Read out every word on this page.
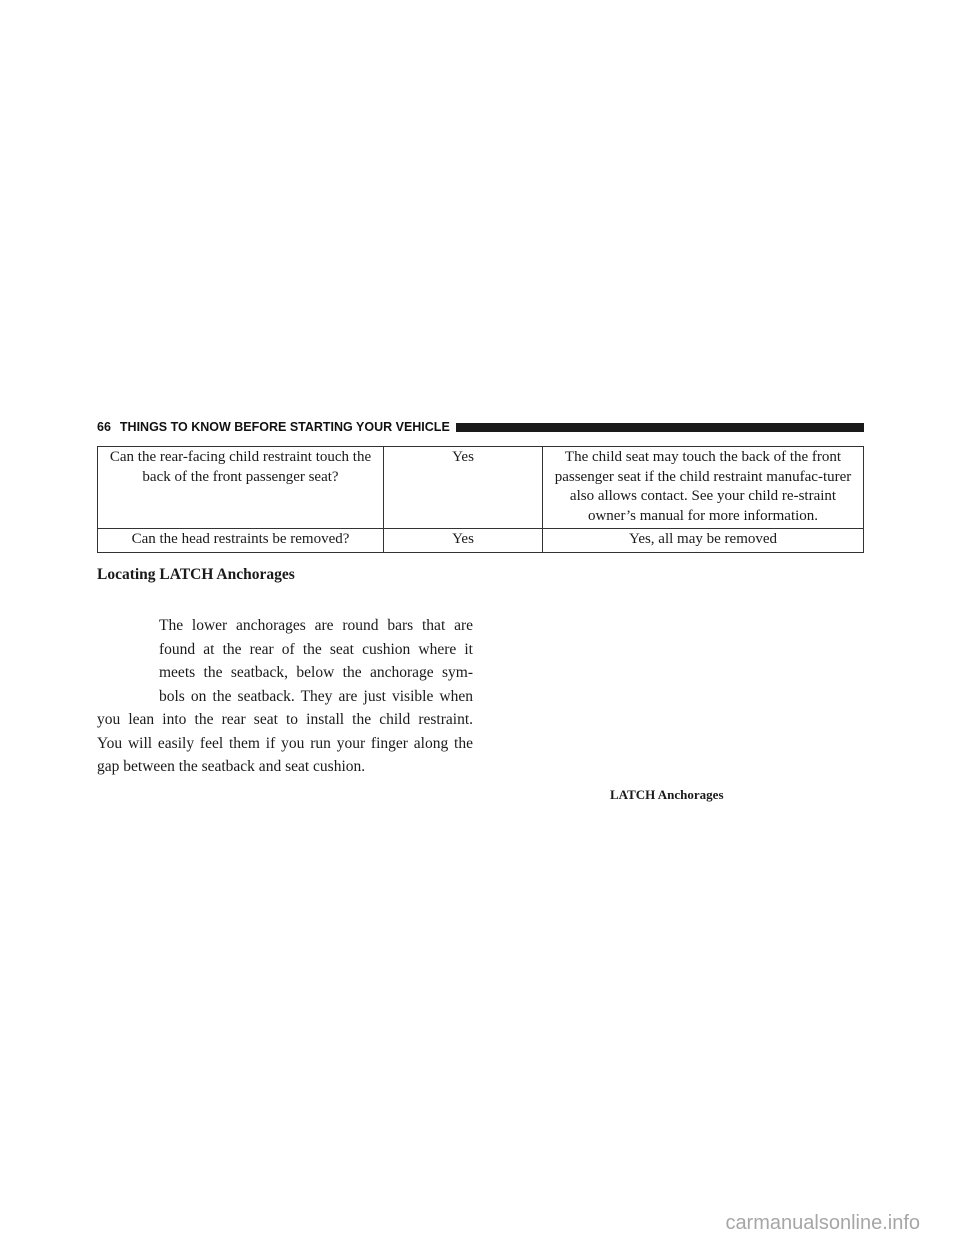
66 THINGS TO KNOW BEFORE STARTING YOUR VEHICLE
Can the rear-facing child restraint touch the back of the front passenger seat?	Yes	The child seat may touch the back of the front passenger seat if the child restraint manufac-turer also allows contact. See your child re-straint owner’s manual for more information.
Can the head restraints be removed?	Yes	Yes, all may be removed
Locating LATCH Anchorages

The lower anchorages are round bars that are
found at the rear of the seat cushion where it
meets the seatback, below the anchorage sym-
bols on the seatback. They are just visible when
you lean into the rear seat to install the child restraint.
You will easily feel them if you run your finger along the
gap between the seatback and seat cushion.

LATCH Anchorages
carmanualsonline.info
